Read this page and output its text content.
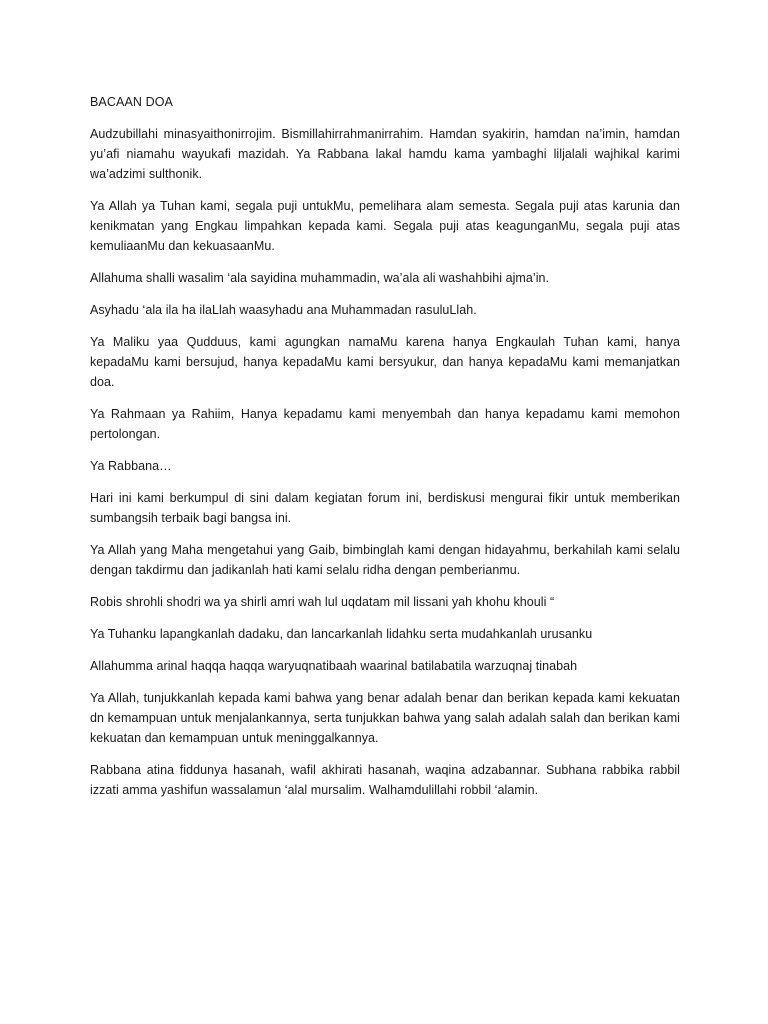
BACAAN DOA

Audzubillahi minasyaithonirrojim. Bismillahirrahmanirrahim. Hamdan syakirin, hamdan na’imin, hamdan yu’afi niamahu wayukafi mazidah. Ya Rabbana lakal hamdu kama yambaghi liljalali wajhikal karimi wa’adzimi sulthonik.

Ya Allah ya Tuhan kami, segala puji untukMu, pemelihara alam semesta. Segala puji atas karunia dan kenikmatan yang Engkau limpahkan kepada kami. Segala puji atas keagunganMu, segala puji atas kemuliaanMu dan kekuasaanMu.

Allahuma shalli wasalim ‘ala sayidina muhammadin, wa’ala ali washahbihi ajma’in.

Asyhadu ‘ala ila ha ilaLlah waasyhadu ana Muhammadan rasuluLlah.

Ya Maliku yaa Qudduus, kami agungkan namaMu karena hanya Engkaulah Tuhan kami, hanya kepadaMu kami bersujud, hanya kepadaMu kami bersyukur, dan hanya kepadaMu kami memanjatkan doa.

Ya Rahmaan ya Rahiim, Hanya kepadamu kami menyembah dan hanya kepadamu kami memohon pertolongan.

Ya Rabbana…

Hari ini kami berkumpul di sini dalam kegiatan forum ini, berdiskusi mengurai fikir untuk memberikan sumbangsih terbaik bagi bangsa ini.

Ya Allah yang Maha mengetahui yang Gaib, bimbinglah kami dengan hidayahmu, berkahilah kami selalu dengan takdirmu dan jadikanlah hati kami selalu ridha dengan pemberianmu.

Robis shrohli shodri wa ya shirli amri wah lul uqdatam mil lissani yah khohu khouli “

Ya Tuhanku lapangkanlah dadaku, dan lancarkanlah lidahku serta mudahkanlah urusanku

Allahumma arinal haqqa haqqa waryuqnatibaah waarinal batilabatila warzuqnaj tinabah

Ya Allah, tunjukkanlah kepada kami bahwa yang benar adalah benar dan berikan kepada kami kekuatan dn kemampuan untuk menjalankannya, serta tunjukkan bahwa yang salah adalah salah dan berikan kami kekuatan dan kemampuan untuk meninggalkannya.

Rabbana atina fiddunya hasanah, wafil akhirati hasanah, waqina adzabannar. Subhana rabbika rabbil izzati amma yashifun wassalamun ‘alal mursalim. Walhamdulillahi robbil ‘alamin.
